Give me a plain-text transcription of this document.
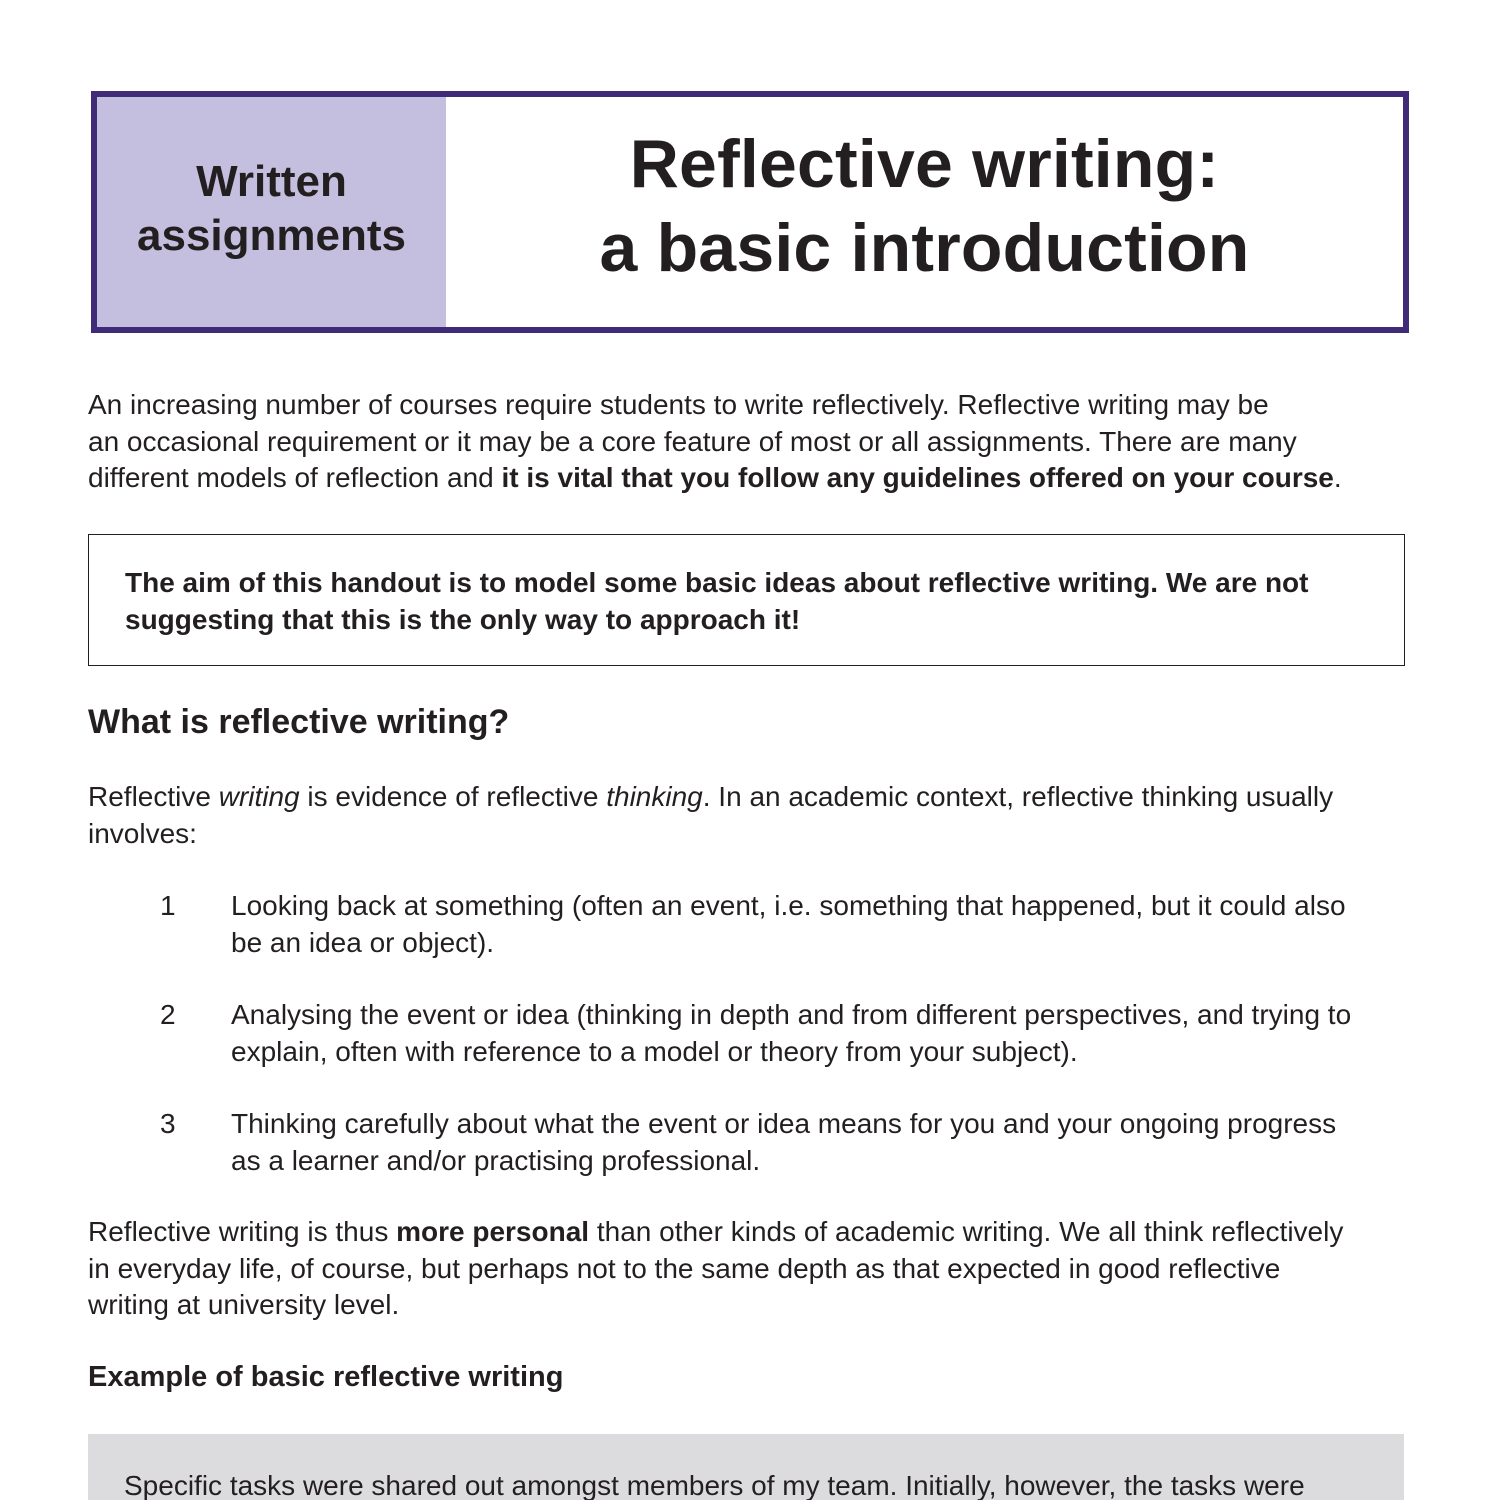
Written assignments
Reflective writing:
a basic introduction
An increasing number of courses require students to write reflectively. Reflective writing may be
an occasional requirement or it may be a core feature of most or all assignments. There are many
different models of reflection and it is vital that you follow any guidelines offered on your course.
The aim of this handout is to model some basic ideas about reflective writing. We are not
suggesting that this is the only way to approach it!
What is reflective writing?
Reflective writing is evidence of reflective thinking. In an academic context, reflective thinking usually
involves:
1 Looking back at something (often an event, i.e. something that happened, but it could also
be an idea or object).
2 Analysing the event or idea (thinking in depth and from different perspectives, and trying to
explain, often with reference to a model or theory from your subject).
3 Thinking carefully about what the event or idea means for you and your ongoing progress
as a learner and/or practising professional.
Reflective writing is thus more personal than other kinds of academic writing. We all think reflectively
in everyday life, of course, but perhaps not to the same depth as that expected in good reflective
writing at university level.
Example of basic reflective writing
Specific tasks were shared out amongst members of my team. Initially, however, the tasks were
